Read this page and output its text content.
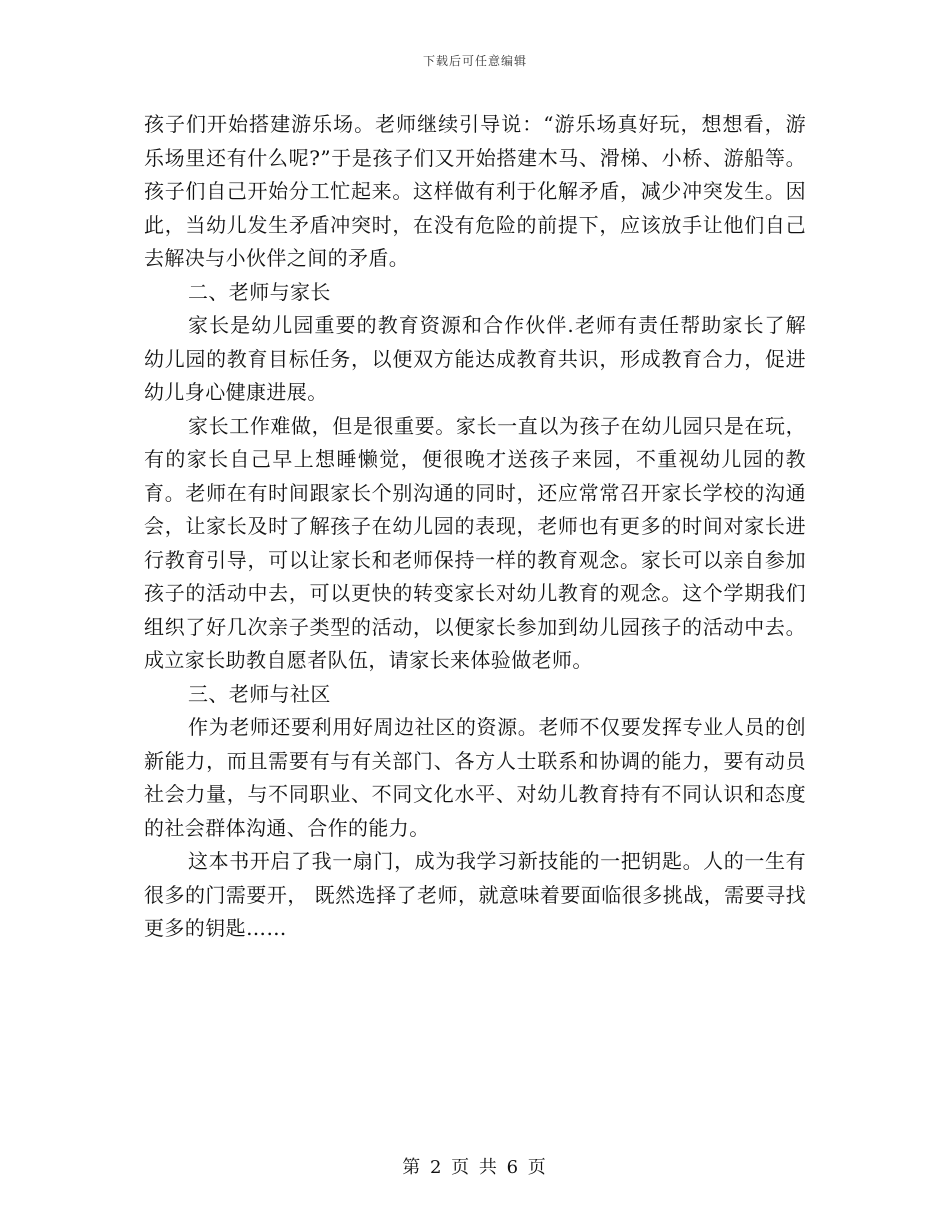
下载后可任意编辑

孩子们开始搭建游乐场。老师继续引导说：“游乐场真好玩，想想看，游乐场里还有什么呢?”于是孩子们又开始搭建木马、滑梯、小桥、游船等。孩子们自己开始分工忙起来。这样做有利于化解矛盾，减少冲突发生。因此，当幼儿发生矛盾冲突时，在没有危险的前提下，应该放手让他们自己去解决与小伙伴之间的矛盾。

二、老师与家长

家长是幼儿园重要的教育资源和合作伙伴.老师有责任帮助家长了解幼儿园的教育目标任务，以便双方能达成教育共识，形成教育合力，促进幼儿身心健康进展。

家长工作难做，但是很重要。家长一直以为孩子在幼儿园只是在玩，有的家长自己早上想睡懒觉，便很晚才送孩子来园，不重视幼儿园的教育。老师在有时间跟家长个别沟通的同时，还应常常召开家长学校的沟通会，让家长及时了解孩子在幼儿园的表现，老师也有更多的时间对家长进行教育引导，可以让家长和老师保持一样的教育观念。家长可以亲自参加孩子的活动中去，可以更快的转变家长对幼儿教育的观念。这个学期我们组织了好几次亲子类型的活动，以便家长参加到幼儿园孩子的活动中去。成立家长助教自愿者队伍，请家长来体验做老师。

三、老师与社区

作为老师还要利用好周边社区的资源。老师不仅要发挥专业人员的创新能力，而且需要有与有关部门、各方人士联系和协调的能力，要有动员社会力量，与不同职业、不同文化水平、对幼儿教育持有不同认识和态度的社会群体沟通、合作的能力。

这本书开启了我一扇门，成为我学习新技能的一把钥匙。人的一生有很多的门需要开， 既然选择了老师，就意味着要面临很多挑战，需要寻找更多的钥匙……

第 2 页 共 6 页
